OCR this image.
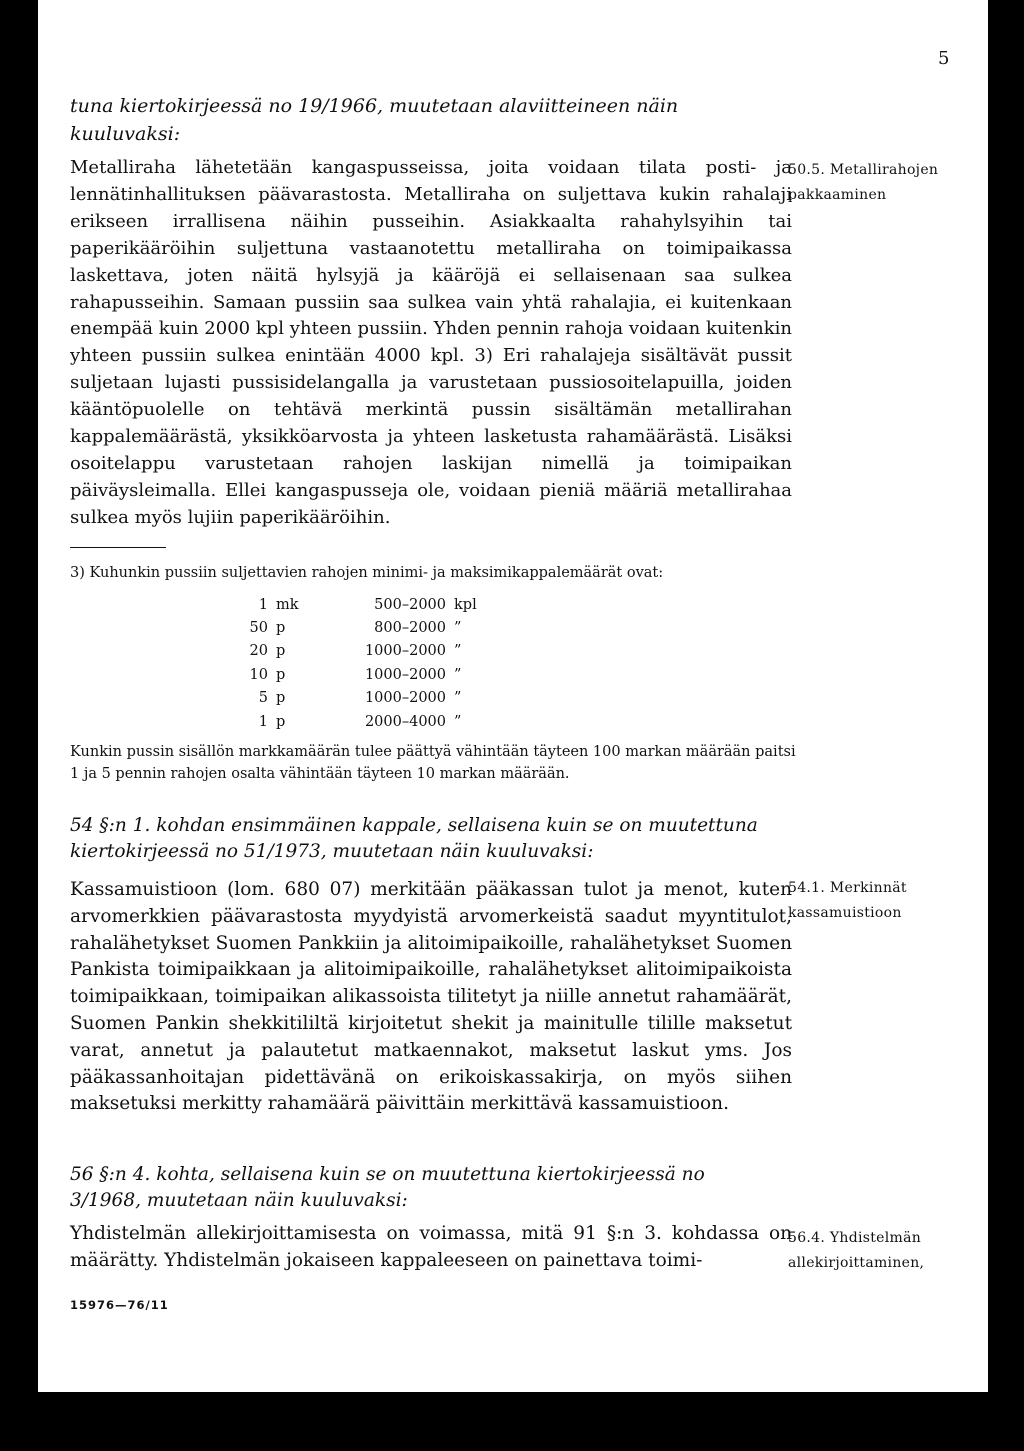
5

tuna kiertokirjeessä no 19/1966, muutetaan alaviitteineen näin kuuluvaksi:

Metalliraha lähetetään kangaspusseissa, joita voidaan tilata posti- ja lennätinhallituksen päävarastosta. Metalliraha on suljettava kukin rahalaji erikseen irrallisena näihin pusseihin. Asiakkaalta rahahylsyihin tai paperikääröihin suljettuna vastaanotettu metalliraha on toimipaikassa laskettava, joten näitä hylsyjä ja kääröjä ei sellaisenaan saa sulkea rahapusseihin. Samaan pussiin saa sulkea vain yhtä rahalajia, ei kuitenkaan enempää kuin 2000 kpl yhteen pussiin. Yhden pennin rahoja voidaan kuitenkin yhteen pussiin sulkea enintään 4000 kpl. 3) Eri rahalajeja sisältävät pussit suljetaan lujasti pussisidelangalla ja varustetaan pussiosoitelapuilla, joiden kääntöpuolelle on tehtävä merkintä pussin sisältämän metallirahan kappalemäärästä, yksikköarvosta ja yhteen lasketusta rahamäärästä. Lisäksi osoitelappu varustetaan rahojen laskijan nimellä ja toimipaikan päiväysleimalla. Ellei kangaspusseja ole, voidaan pieniä määriä metallirahaa sulkea myös lujiin paperikääröihin.

50.5. Metallirahojen pakkaaminen

3) Kuhunkin pussiin suljettavien rahojen minimi- ja maksimikappalemäärät ovat:

1	mk	500–2000	kpl
50	p	800–2000	”
20	p	1000–2000	”
10	p	1000–2000	”
5	p	1000–2000	”
1	p	2000–4000	”

Kunkin pussin sisällön markkamäärän tulee päättyä vähintään täyteen 100 markan määrään paitsi 1 ja 5 pennin rahojen osalta vähintään täyteen 10 markan määrään.

54 §:n 1. kohdan ensimmäinen kappale, sellaisena kuin se on muutettuna kiertokirjeessä no 51/1973, muutetaan näin kuuluvaksi:

Kassamuistioon (lom. 680 07) merkitään pääkassan tulot ja menot, kuten arvomerkkien päävarastosta myydyistä arvomerkeistä saadut myyntitulot, rahalähetykset Suomen Pankkiin ja alitoimipaikoille, rahalähetykset Suomen Pankista toimipaikkaan ja alitoimipaikoille, rahalähetykset alitoimipaikoista toimipaikkaan, toimipaikan alikassoista tilitetyt ja niille annetut rahamäärät, Suomen Pankin shekkitililtä kirjoitetut shekit ja mainitulle tilille maksetut varat, annetut ja palautetut matkaennakot, maksetut laskut yms. Jos pääkassanhoitajan pidettävänä on erikoiskassakirja, on myös siihen maksetuksi merkitty rahamäärä päivittäin merkittävä kassamuistioon.

54.1. Merkinnät kassamuistioon

56 §:n 4. kohta, sellaisena kuin se on muutettuna kiertokirjeessä no 3/1968, muutetaan näin kuuluvaksi:

Yhdistelmän allekirjoittamisesta on voimassa, mitä 91 §:n 3. kohdassa on määrätty. Yhdistelmän jokaiseen kappaleeseen on painettava toimi-

56.4. Yhdistelmän allekirjoittaminen,
15976—76/11
